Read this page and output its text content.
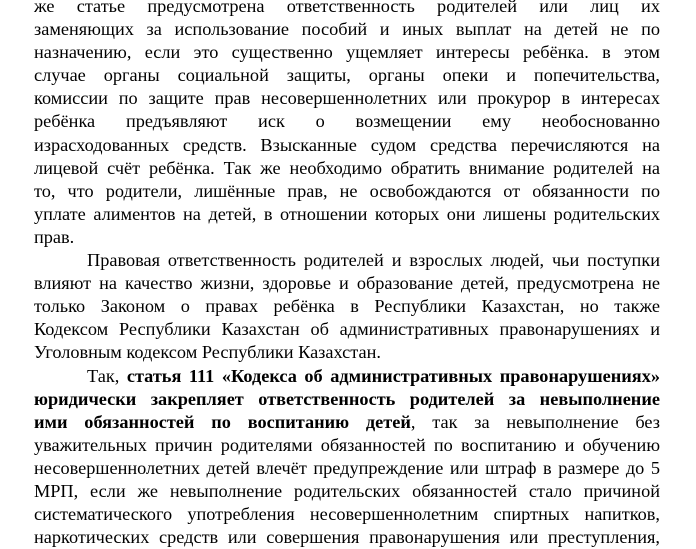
же статье предусмотрена ответственность родителей или лиц их
заменяющих за использование пособий и иных выплат на детей не по
назначению, если это существенно ущемляет интересы ребёнка. в этом
случае органы социальной защиты, органы опеки и попечительства,
комиссии по защите прав несовершеннолетних или прокурор в интересах
ребёнка предъявляют иск о возмещении ему необоснованно
израсходованных средств. Взысканные судом средства перечисляются на
лицевой счёт ребёнка. Так же необходимо обратить внимание родителей на
то, что родители, лишённые прав, не освобождаются от обязанности по
уплате алиментов на детей, в отношении которых они лишены родительских
прав.
Правовая ответственность родителей и взрослых людей, чьи поступки
влияют на качество жизни, здоровье и образование детей, предусмотрена не
только Законом о правах ребёнка в Республики Казахстан, но также
Кодексом Республики Казахстан об административных правонарушениях и
Уголовным кодексом Республики Казахстан.
Так, статья 111 «Кодекса об административных правонарушениях»
юридически закрепляет ответственность родителей за невыполнение
ими обязанностей по воспитанию детей, так за невыполнение без
уважительных причин родителями обязанностей по воспитанию и обучению
несовершеннолетних детей влечёт предупреждение или штраф в размере до 5
МРП, если же невыполнение родительских обязанностей стало причиной
систематического употребления несовершеннолетним спиртных напитков,
наркотических средств или совершения правонарушения или преступления,
